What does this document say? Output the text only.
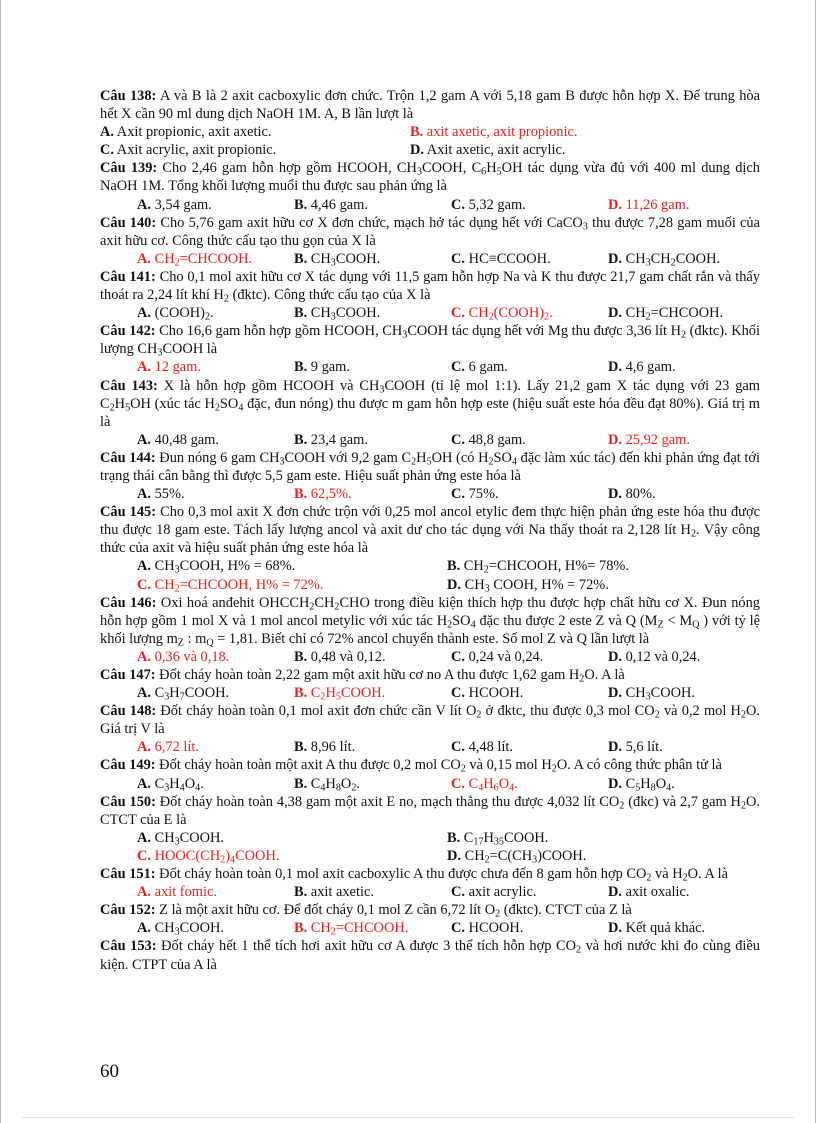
Câu 138: A và B là 2 axit cacboxylic đơn chức. Trộn 1,2 gam A với 5,18 gam B được hỗn hợp X. Để trung hòa hết X cần 90 ml dung dịch NaOH 1M. A, B lần lượt là
A. Axit propionic, axit axetic.	B. axit axetic, axit propionic.
C. Axit acrylic, axit propionic.	D. Axit axetic, axit acrylic.
Câu 139: Cho 2,46 gam hỗn hợp gồm HCOOH, $CH_3COOH$, $C_6H_5OH$ tác dụng vừa đủ với 400 ml dung dịch NaOH 1M. Tổng khối lượng muối thu được sau phản ứng là
A. 3,54 gam.	B. 4,46 gam.	C. 5,32 gam.	D. 11,26 gam.
Câu 140: Cho 5,76 gam axit hữu cơ X đơn chức, mạch hở tác dụng hết với CaCO$_3$ thu được 7,28 gam muối của axit hữu cơ. Công thức cấu tạo thu gọn của X là
A. $CH_2=CHCOOH$.	B. $CH_3COOH$.	C. HC≡CCOOH.	D. $CH_3CH_2COOH$.
Câu 141: Cho 0,1 mol axit hữu cơ X tác dụng với 11,5 gam hỗn hợp Na và K thu được 21,7 gam chất rắn và thấy thoát ra 2,24 lít khí $H_2$ (đktc). Công thức cấu tạo của X là
A. $(COOH)_2$.	B. $CH_3COOH$.	C. $CH_2(COOH)_2$.	D. $CH_2=CHCOOH$.
Câu 142: Cho 16,6 gam hỗn hợp gồm HCOOH, $CH_3COOH$ tác dụng hết với Mg thu được 3,36 lít $H_2$ (đktc). Khối lượng $CH_3COOH$ là
A. 12 gam.	B. 9 gam.	C. 6 gam.	D. 4,6 gam.
Câu 143: X là hỗn hợp gồm HCOOH và $CH_3COOH$ (tỉ lệ mol 1:1). Lấy 21,2 gam X tác dụng với 23 gam $C_2H_5OH$ (xúc tác $H_2SO_4$ đặc, đun nóng) thu được m gam hỗn hợp este (hiệu suất este hóa đều đạt 80%). Giá trị m là
A. 40,48 gam.	B. 23,4 gam.	C. 48,8 gam.	D. 25,92 gam.
Câu 144: Đun nóng 6 gam $CH_3COOH$ với 9,2 gam $C_2H_5OH$ (có $H_2SO_4$ đặc làm xúc tác) đến khi phản ứng đạt tới trạng thái cân bằng thì được 5,5 gam este. Hiệu suất phản ứng este hóa là
A. 55%.	B. 62,5%.	C. 75%.	D. 80%.
Câu 145: Cho 0,3 mol axit X đơn chức trộn với 0,25 mol ancol etylic đem thực hiện phản ứng este hóa thu được thu được 18 gam este. Tách lấy lượng ancol và axit dư cho tác dụng với Na thấy thoát ra 2,128 lít $H_2$. Vậy công thức của axit và hiệu suất phản ứng este hóa là
A. $CH_3COOH$, H% = 68%.	B. $CH_2=CHCOOH$, H%= 78%.
C. $CH_2=CHCOOH$, H% = 72%.	D. $CH_3$ COOH, H% = 72%.
Câu 146: Oxi hoá anđehit $OHCCH_2CH_2CHO$ trong điều kiện thích hợp thu được hợp chất hữu cơ X. Đun nóng hỗn hợp gồm 1 mol X và 1 mol ancol metylic với xúc tác $H_2SO_4$ đặc thu được 2 este Z và Q ($M_Z < M_Q$ ) với tỷ lệ khối lượng $m_Z$ : $m_Q = 1,81$. Biết chỉ có 72% ancol chuyển thành este. Số mol Z và Q lần lượt là
A. 0,36 và 0,18.	B. 0,48 và 0,12.	C. 0,24 và 0,24.	D. 0,12 và 0,24.
Câu 147: Đốt cháy hoàn toàn 2,22 gam một axit hữu cơ no A thu được 1,62 gam $H_2O$. A là
A. $C_3H_7COOH$.	B. $C_2H_5COOH$.	C. HCOOH.	D. $CH_3COOH$.
Câu 148: Đốt cháy hoàn toàn 0,1 mol axit đơn chức cần V lít $O_2$ ở đktc, thu được 0,3 mol $CO_2$ và 0,2 mol $H_2O$. Giá trị V là
A. 6,72 lít.	B. 8,96 lít.	C. 4,48 lít.	D. 5,6 lít.
Câu 149: Đốt cháy hoàn toàn một axit A thu được 0,2 mol $CO_2$ và 0,15 mol $H_2O$. A có công thức phân tử là
A. $C_3H_4O_4$.	B. $C_4H_8O_2$.	C. $C_4H_6O_4$.	D. $C_5H_8O_4$.
Câu 150: Đốt cháy hoàn toàn 4,38 gam một axit E no, mạch thẳng thu được 4,032 lít $CO_2$ (đkc) và 2,7 gam $H_2O$. CTCT của E là
A. $CH_3COOH$.	B. $C_{17}H_{35}COOH$.
C. $HOOC(CH_2)_4COOH$.	D. $CH_2=C(CH_3)COOH$.
Câu 151: Đốt cháy hoàn toàn 0,1 mol axit cacboxylic A thu được chưa đến 8 gam hỗn hợp $CO_2$ và $H_2O$. A là
A. axit fomic.	B. axit axetic.	C. axit acrylic.	D. axit oxalic.
Câu 152: Z là một axit hữu cơ. Để đốt cháy 0,1 mol Z cần 6,72 lít $O_2$ (đktc). CTCT của Z là
A. $CH_3COOH$.	B. $CH_2=CHCOOH$.	C. HCOOH.	D. Kết quả khác.
Câu 153: Đốt cháy hết 1 thể tích hơi axit hữu cơ A được 3 thể tích hỗn hợp $CO_2$ và hơi nước khi đo cùng điều kiện. CTPT của A là
60
